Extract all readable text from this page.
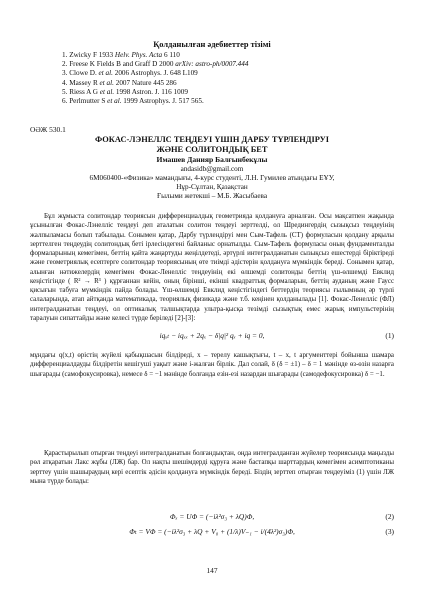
Қолданылған әдебиеттер тізімі
1. Zwicky F 1933 Helv. Phys. Acta 6 110
2. Freese K Fields B and Graff D 2000 arXiv: astro-ph/0007.444
3. Clowe D. et al. 2006 Astrophys. J. 648 L109
4. Massey R et al. 2007 Nature 445 286
5. Riess A G et al. 1998 Astron. J. 116 1009
6. Perlmutter S et al. 1999 Astrophys. J. 517 565.
ОӘЖ 530.1
ФОКАС-ЛЭНЕЛЛС ТЕҢДЕУІ ҮШІН ДАРБУ ТҮРЛЕНДІРУІ
ЖӘНЕ СОЛИТОНДЫҚ БЕТ
Имашев Данияр Балғынбекұлы
andasidb@gmail.com
6М060400-«Физика» мамандығы, 4-курс студенті, Л.Н. Гумилев атындағы ЕҰУ,
Нұр-Сұлтан, Қазақстан
Ғылыми жетекші – М.Б. Жасыбаева

Бұл жұмыста солитондар теориясын дифференциалдық геометрияда қолдануға арналған. Осы мақсатпен жақында ұсынылған Фокас-Лэнелліс теңдеуі деп аталатын солитон теңдеуі зерттелді, ол Шредингердің сызықсыз теңдеуінің жалпыламасы болып табылады. Сонымен қатар, Дарбу түрлендіруі мен Сым-Тафель (СТ) формуласын қолдану арқылы зерттелген теңдеудің солитондық беті ірлесіндегені байланыс орнатылды. Сым-Тафель формуласы оның фундаменталды формаларының кемегімен, беттің қайта жаңартуды жеңілдетеді, әртүрлі интегралданатын сызықсыз ешестерді біріктіреді және геометриялық есептерге солитондар теориясының өте тиімді әдістерін қолдануға мүмкіндік береді. Сонымен қатар, алынған нәтижелердің кемегімен Фокас-Ленелліс теңдеуінің екі өлшемді солитонды беттің үш-өлшемді Евклид кеңістігінде ( R² → R³ ) құрғаннан кейін, оның бірінші, екінші квадраттық формаларын, беттің ауданың және Гаусс қисығын табуға мүмкіндік пайда болады. Үш-өлшемді Евклид кеңістігіндегі беттердің теориясы ғылымның әр түрлі салаларында, атап айтқанда математикада, теориялық физикада және т.б. кеңінен қолданылады [1]. Фокас-Ленелліс (ФЛ) интегралданатын теңдеуі, ол оптикалық талшықтарда ультра-қысқа тезімді сызықтық емес жарық импульстерінің таралуын сипаттайды және келесі түрде беріледі [2]-[3]:

iqₓₜ − iqₓₓ + 2qₓ − δ|q|² qₓ + iq = 0,	(1)

мұндағы q(x,t) өрістің жүйелі қабықшасын білдіреді, x – терелу кашықтығы, t – x, t аргументтері бойынша шамара дифференциалдауды білдіретін кешігуші уақыт және i-жалған бірлік. Дал солай, δ (δ = ±1) – δ = 1 мәнінде өз-өзін назарға шығарады (самофокусировка), немесе δ = −1 мәнінде болғанда езін-езі назардан шығарады (самодефокусировка) δ = −1.

Қарастырылып отырған теңдеуі интегралданатын болғандықтан, оңда интегралданған жүйелер теориясында маңызды рөл атқаратын Лакс жұбы (ЛЖ) бар. Ол нақты шешімдерді құруға және бастапқы шарттардың кемегімен асимптотиканы зерттеу үшін шашыраудың кері есептік әдісін қолдануға мүмкіндік береді. Біздің зерттеп отырған теңдеуіміз (1) үшін ЛЖ мына түрде болады:

Φₓ = UΦ = (−iλ²σ₃ + λQ)Φ,	(2)
Φₜ = VΦ = (−iλ²σ₃ + λQ + V₀ + (1/λ)V₋₁ − i/(4λ²)σ₃)Φ,	(3)
147
